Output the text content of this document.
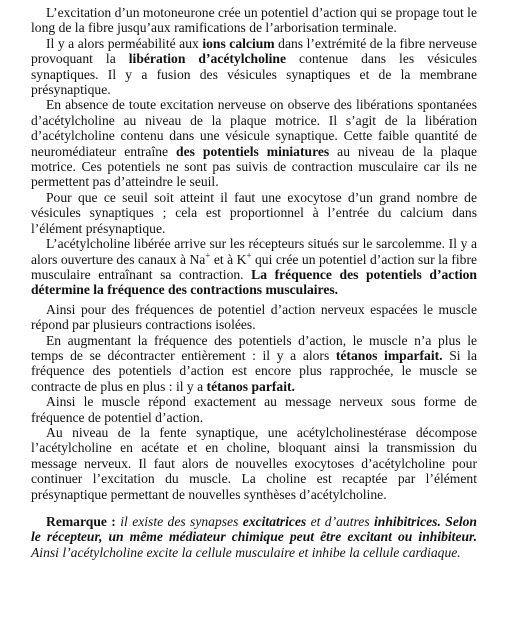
L’excitation d’un motoneurone crée un potentiel d’action qui se propage tout le long de la fibre jusqu’aux ramifications de l’arborisation terminale.

Il y a alors perméabilité aux ions calcium dans l’extrémité de la fibre nerveuse provoquant la libération d’acétylcholine contenue dans les vésicules synaptiques. Il y a fusion des vésicules synaptiques et de la membrane présynaptique.

En absence de toute excitation nerveuse on observe des libérations spontanées d’acétylcholine au niveau de la plaque motrice. Il s’agit de la libération d’acétylcholine contenu dans une vésicule synaptique. Cette faible quantité de neuromédiateur entraîne des potentiels miniatures au niveau de la plaque motrice. Ces potentiels ne sont pas suivis de contraction musculaire car ils ne permettent pas d’atteindre le seuil.

Pour que ce seuil soit atteint il faut une exocytose d’un grand nombre de vésicules synaptiques ; cela est proportionnel à l’entrée du calcium dans l’élément présynaptique.

L’acétylcholine libérée arrive sur les récepteurs situés sur le sarcolemme. Il y a alors ouverture des canaux à Na+ et à K+ qui crée un potentiel d’action sur la fibre musculaire entraînant sa contraction. La fréquence des potentiels d’action détermine la fréquence des contractions musculaires.

Ainsi pour des fréquences de potentiel d’action nerveux espacées le muscle répond par plusieurs contractions isolées.

En augmentant la fréquence des potentiels d’action, le muscle n’a plus le temps de se décontracter entièrement : il y a alors tétanos imparfait. Si la fréquence des potentiels d’action est encore plus rapprochée, le muscle se contracte de plus en plus : il y a tétanos parfait.

Ainsi le muscle répond exactement au message nerveux sous forme de fréquence de potentiel d’action.

Au niveau de la fente synaptique, une acétylcholinestérase décompose l’acétylcholine en acétate et en choline, bloquant ainsi la transmission du message nerveux. Il faut alors de nouvelles exocytoses d’acétylcholine pour continuer l’excitation du muscle. La choline est recaptée par l’élément présynaptique permettant de nouvelles synthèses d’acétylcholine.

Remarque : il existe des synapses excitatrices et d’autres inhibitrices. Selon le récepteur, un même médiateur chimique peut être excitant ou inhibiteur. Ainsi l’acétylcholine excite la cellule musculaire et inhibe la cellule cardiaque.
